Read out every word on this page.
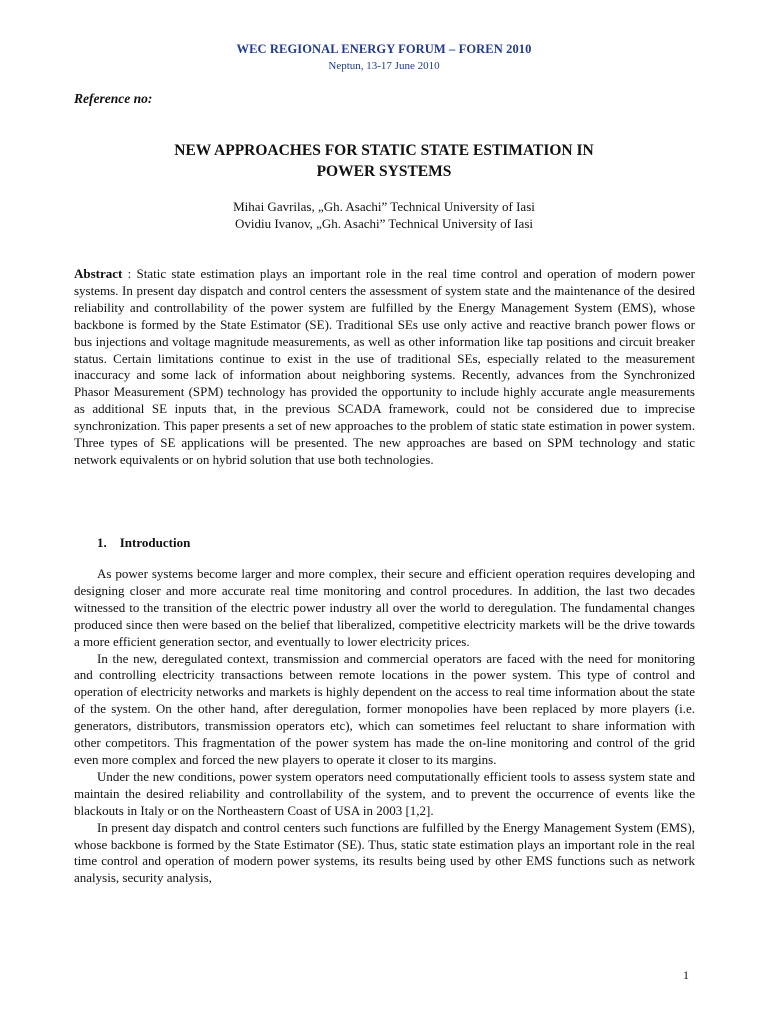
WEC REGIONAL ENERGY FORUM – FOREN 2010
Neptun, 13-17 June 2010
Reference no:
NEW APPROACHES FOR STATIC STATE ESTIMATION IN
POWER SYSTEMS
Mihai Gavrilas, „Gh. Asachi” Technical University of Iasi
Ovidiu Ivanov, „Gh. Asachi” Technical University of Iasi

Abstract : Static state estimation plays an important role in the real time control and operation of modern power systems. In present day dispatch and control centers the assessment of system state and the maintenance of the desired reliability and controllability of the power system are fulfilled by the Energy Management System (EMS), whose backbone is formed by the State Estimator (SE). Traditional SEs use only active and reactive branch power flows or bus injections and voltage magnitude measurements, as well as other information like tap positions and circuit breaker status. Certain limitations continue to exist in the use of traditional SEs, especially related to the measurement inaccuracy and some lack of information about neighboring systems. Recently, advances from the Synchronized Phasor Measurement (SPM) technology has provided the opportunity to include highly accurate angle measurements as additional SE inputs that, in the previous SCADA framework, could not be considered due to imprecise synchronization. This paper presents a set of new approaches to the problem of static state estimation in power system. Three types of SE applications will be presented. The new approaches are based on SPM technology and static network equivalents or on hybrid solution that use both technologies.

1. Introduction

As power systems become larger and more complex, their secure and efficient operation requires developing and designing closer and more accurate real time monitoring and control procedures. In addition, the last two decades witnessed to the transition of the electric power industry all over the world to deregulation. The fundamental changes produced since then were based on the belief that liberalized, competitive electricity markets will be the drive towards a more efficient generation sector, and eventually to lower electricity prices.

In the new, deregulated context, transmission and commercial operators are faced with the need for monitoring and controlling electricity transactions between remote locations in the power system. This type of control and operation of electricity networks and markets is highly dependent on the access to real time information about the state of the system. On the other hand, after deregulation, former monopolies have been replaced by more players (i.e. generators, distributors, transmission operators etc), which can sometimes feel reluctant to share information with other competitors. This fragmentation of the power system has made the on-line monitoring and control of the grid even more complex and forced the new players to operate it closer to its margins.

Under the new conditions, power system operators need computationally efficient tools to assess system state and maintain the desired reliability and controllability of the system, and to prevent the occurrence of events like the blackouts in Italy or on the Northeastern Coast of USA in 2003 [1,2].

In present day dispatch and control centers such functions are fulfilled by the Energy Management System (EMS), whose backbone is formed by the State Estimator (SE). Thus, static state estimation plays an important role in the real time control and operation of modern power systems, its results being used by other EMS functions such as network analysis, security analysis,

1
